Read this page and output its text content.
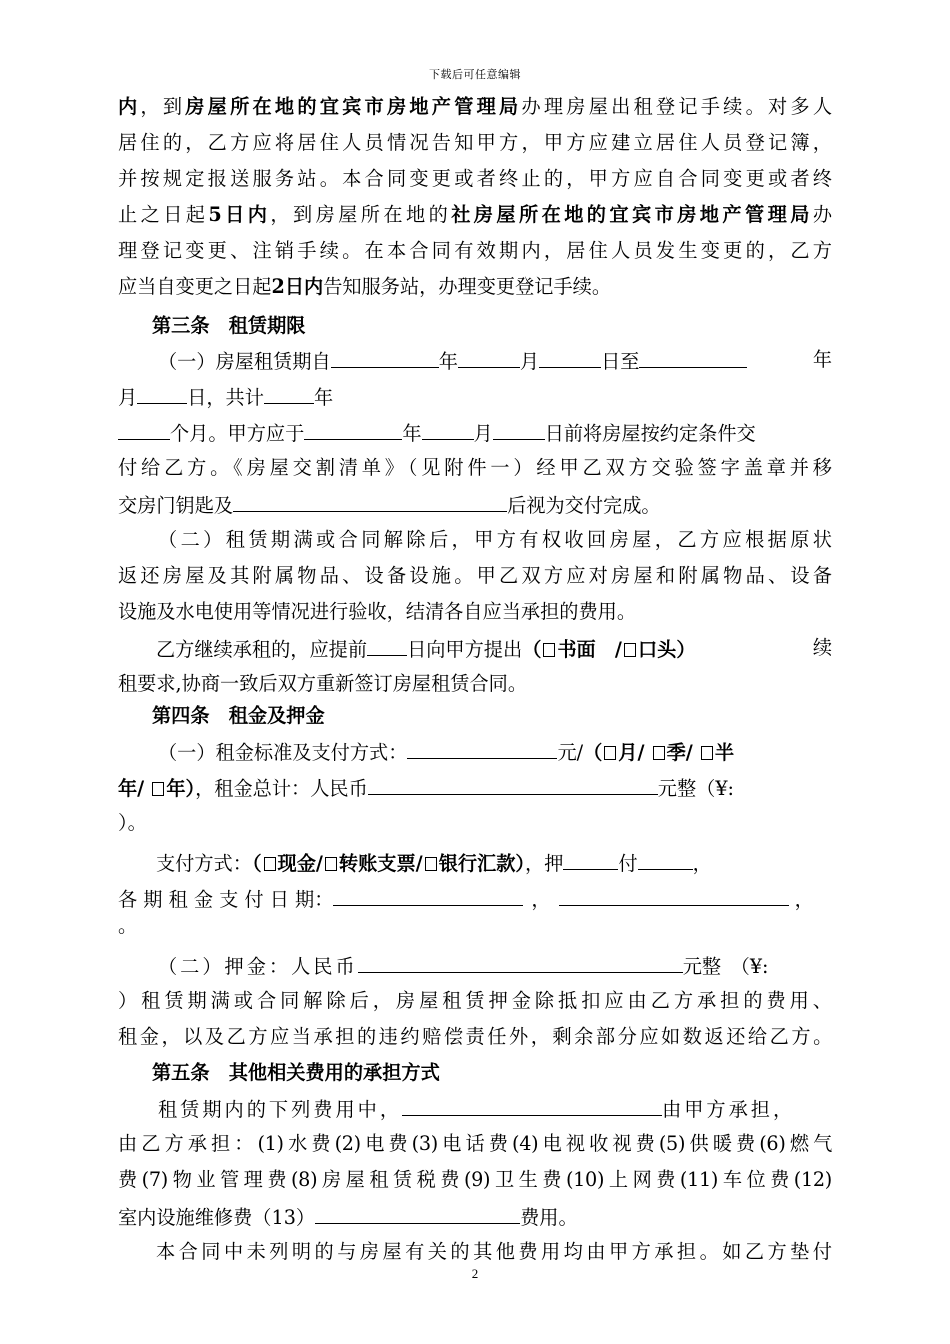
下载后可任意编辑
内，到房屋所在地的宜宾市房地产管理局办理房屋出租登记手续。对多人
居住的，乙方应将居住人员情况告知甲方，甲方应建立居住人员登记簿，
并按规定报送服务站。本合同变更或者终止的，甲方应自合同变更或者终
止之日起5日内，到房屋所在地的社房屋所在地的宜宾市房地产管理局办
理登记变更、注销手续。在本合同有效期内，居住人员发生变更的，乙方
应当自变更之日起2日内告知服务站，办理变更登记手续。
第三条　租赁期限
（一）房屋租赁期自	年	月	日至	年
月	日，共计	年
个月。甲方应于	年	月	日前将房屋按约定条件交
付给乙方。《房屋交割清单》（见附件一）经甲乙双方交验签字盖章并移
交房门钥匙及	后视为交付完成。
（二）租赁期满或合同解除后，甲方有权收回房屋，乙方应根据原状
返还房屋及其附属物品、设备设施。甲乙双方应对房屋和附属物品、设备
设施及水电使用等情况进行验收，结清各自应当承担的费用。
乙方继续承租的，应提前 日向甲方提出（ 书面　/ 口头）	续
租要求,协商一致后双方重新签订房屋租赁合同。
第四条　租金及押金
（一）租金标准及支付方式：	元/（ 月/ 季/ 半
年/ 年），租金总计：人民币	元整（¥:
）。
支付方式：（ 现金/ 转账支票/ 银行汇款），押	付	，
各 期 租 金 支 付 日 期：	，	，
。
（二）押金：人民币	元整　（¥:
）租赁期满或合同解除后，房屋租赁押金除抵扣应由乙方承担的费用、
租金，以及乙方应当承担的违约赔偿责任外，剩余部分应如数返还给乙方。
第五条　其他相关费用的承担方式
租赁期内的下列费用中，	由甲方承担，
由乙方承担：(1)水费(2)电费(3)电话费(4)电视收视费(5)供暖费(6)燃气
费(7)物业管理费(8)房屋租赁税费(9)卫生费(10)上网费(11)车位费(12)
室内设施维修费（13）	费用。
本合同中未列明的与房屋有关的其他费用均由甲方承担。如乙方垫付
2
